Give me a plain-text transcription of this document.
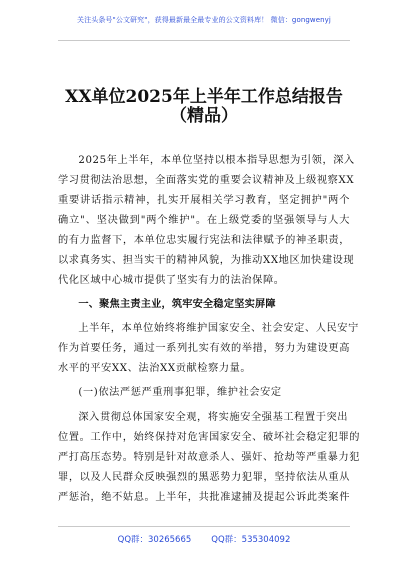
关注头条号"公文研究"，获得最新最全最专业的公文资料库！ 微信：gongwenyj
XX单位2025年上半年工作总结报告
（精品）
2025年上半年，本单位坚持以根本指导思想为引领，深入
学习贯彻法治思想，全面落实党的重要会议精神及上级视察XX
重要讲话指示精神，扎实开展相关学习教育，坚定拥护"两个
确立"、坚决做到"两个维护"。在上级党委的坚强领导与人大
的有力监督下，本单位忠实履行宪法和法律赋予的神圣职责，
以求真务实、担当实干的精神风貌，为推动XX地区加快建设现
代化区域中心城市提供了坚实有力的法治保障。
一、聚焦主责主业，筑牢安全稳定坚实屏障
上半年，本单位始终将维护国家安全、社会安定、人民安宁
作为首要任务，通过一系列扎实有效的举措，努力为建设更高
水平的平安XX、法治XX贡献检察力量。
(一)依法严惩严重刑事犯罪，维护社会安定
深入贯彻总体国家安全观，将实施安全强基工程置于突出
位置。工作中，始终保持对危害国家安全、破坏社会稳定犯罪的
严打高压态势。特别是针对故意杀人、强奸、抢劫等严重暴力犯
罪，以及人民群众反映强烈的黑恶势力犯罪，坚持依法从重从
严惩治，绝不姑息。上半年，共批准逮捕及提起公诉此类案件
QQ群：30265665 QQ群：535304092
